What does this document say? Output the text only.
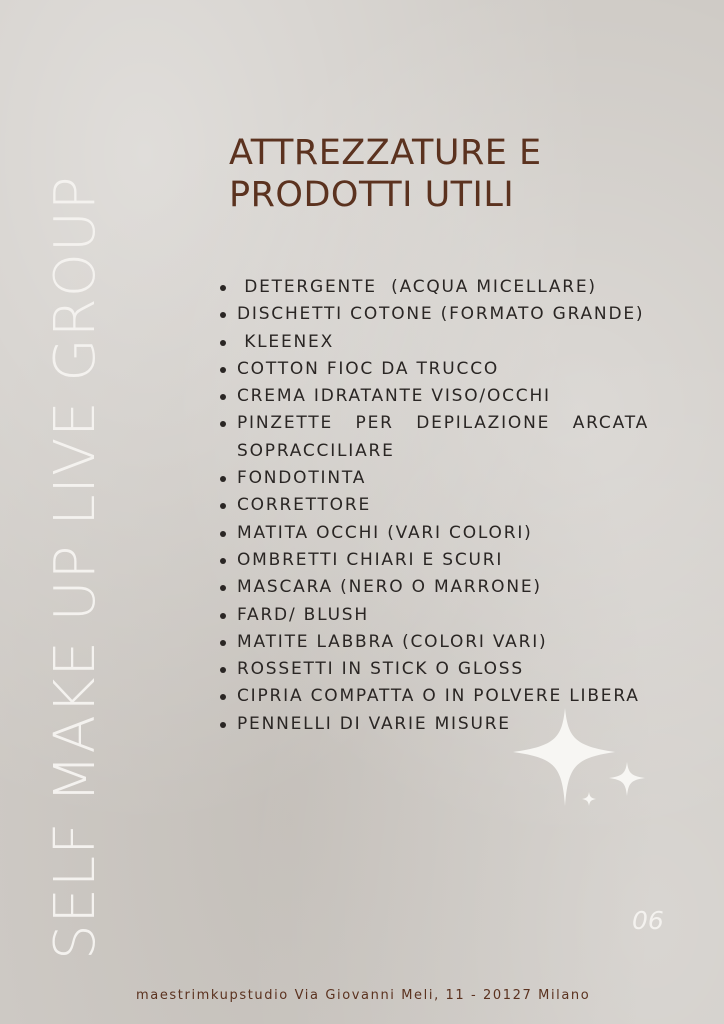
SELF MAKE UP LIVE GROUP
ATTREZZATURE E
PRODOTTI UTILI
DETERGENTE  (ACQUA MICELLARE)
DISCHETTI COTONE (FORMATO GRANDE)
KLEENEX
COTTON FIOC DA TRUCCO
CREMA IDRATANTE VISO/OCCHI
PINZETTE PER DEPILAZIONE ARCATA SOPRACCILIARE
FONDOTINTA
CORRETTORE
MATITA OCCHI (VARI COLORI)
OMBRETTI CHIARI E SCURI
MASCARA (NERO O MARRONE)
FARD/ BLUSH
MATITE LABBRA (COLORI VARI)
ROSSETTI IN STICK O GLOSS
CIPRIA COMPATTA O IN POLVERE LIBERA
PENNELLI DI VARIE MISURE
06
maestrimkupstudio Via Giovanni Meli, 11 - 20127 Milano
